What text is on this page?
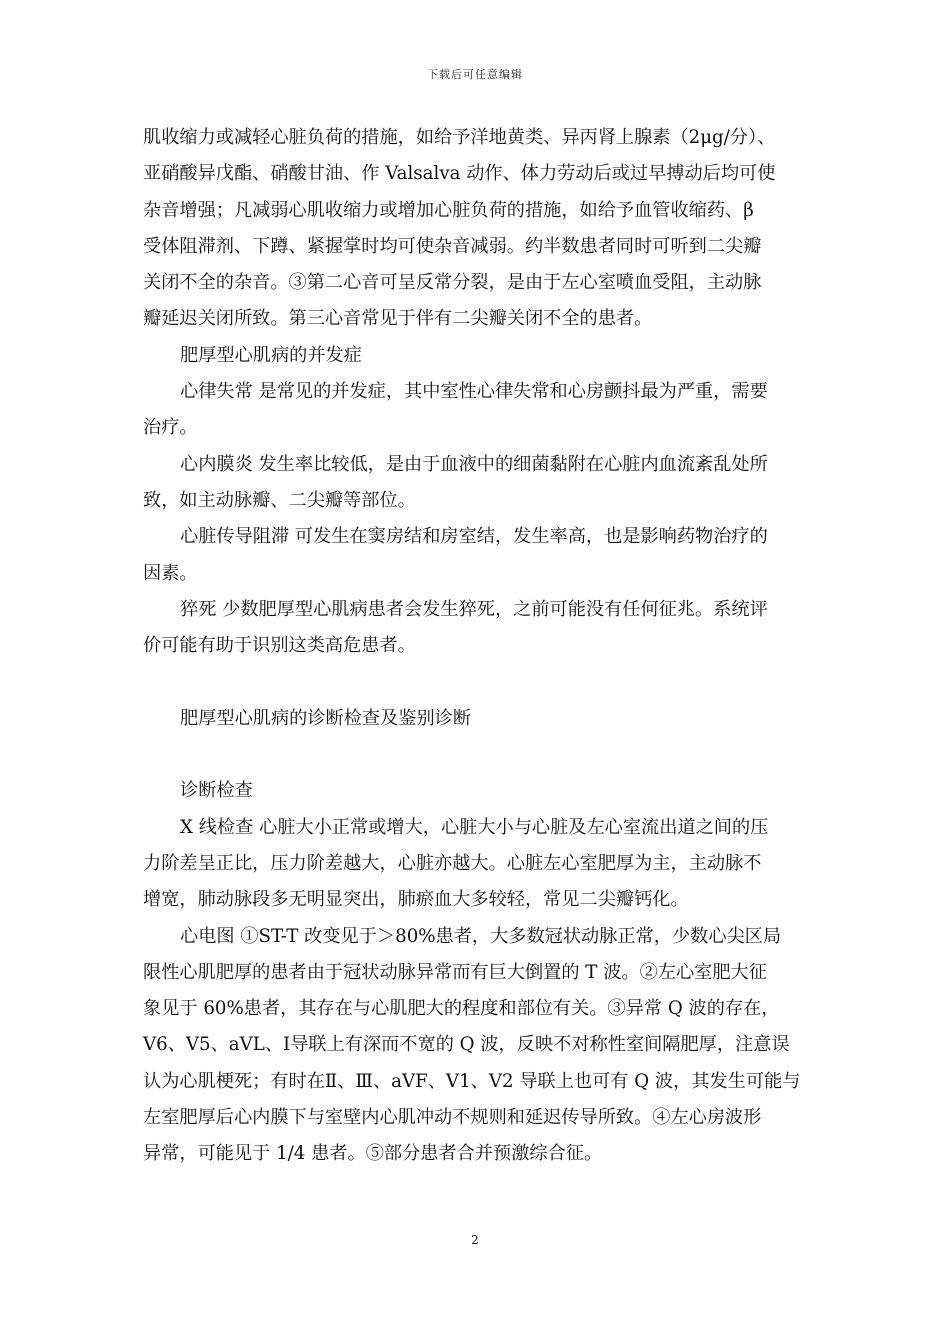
下载后可任意编辑

肌收缩力或减轻心脏负荷的措施，如给予洋地黄类、异丙肾上腺素（2μg/分）、

亚硝酸异戊酯、硝酸甘油、作 Valsalva 动作、体力劳动后或过早搏动后均可使

杂音增强；凡减弱心肌收缩力或增加心脏负荷的措施，如给予血管收缩药、β

受体阻滞剂、下蹲、紧握掌时均可使杂音减弱。约半数患者同时可听到二尖瓣

关闭不全的杂音。③第二心音可呈反常分裂，是由于左心室喷血受阻，主动脉

瓣延迟关闭所致。第三心音常见于伴有二尖瓣关闭不全的患者。

肥厚型心肌病的并发症

心律失常 是常见的并发症，其中室性心律失常和心房颤抖最为严重，需要

治疗。

心内膜炎 发生率比较低，是由于血液中的细菌黏附在心脏内血流紊乱处所

致，如主动脉瓣、二尖瓣等部位。

心脏传导阻滞 可发生在窦房结和房室结，发生率高，也是影响药物治疗的

因素。

猝死 少数肥厚型心肌病患者会发生猝死，之前可能没有任何征兆。系统评

价可能有助于识别这类高危患者。

肥厚型心肌病的诊断检查及鉴别诊断

诊断检查

X 线检查 心脏大小正常或增大，心脏大小与心脏及左心室流出道之间的压

力阶差呈正比，压力阶差越大，心脏亦越大。心脏左心室肥厚为主，主动脉不

增宽，肺动脉段多无明显突出，肺瘀血大多较轻，常见二尖瓣钙化。

心电图 ①ST-T 改变见于＞80%患者，大多数冠状动脉正常，少数心尖区局

限性心肌肥厚的患者由于冠状动脉异常而有巨大倒置的 T 波。②左心室肥大征

象见于 60%患者，其存在与心肌肥大的程度和部位有关。③异常 Q 波的存在，

V6、V5、aVL、Ⅰ导联上有深而不宽的 Q 波，反映不对称性室间隔肥厚，注意误

认为心肌梗死；有时在Ⅱ、Ⅲ、aVF、V1、V2 导联上也可有 Q 波，其发生可能与

左室肥厚后心内膜下与室壁内心肌冲动不规则和延迟传导所致。④左心房波形

异常，可能见于 1/4 患者。⑤部分患者合并预激综合征。

2
